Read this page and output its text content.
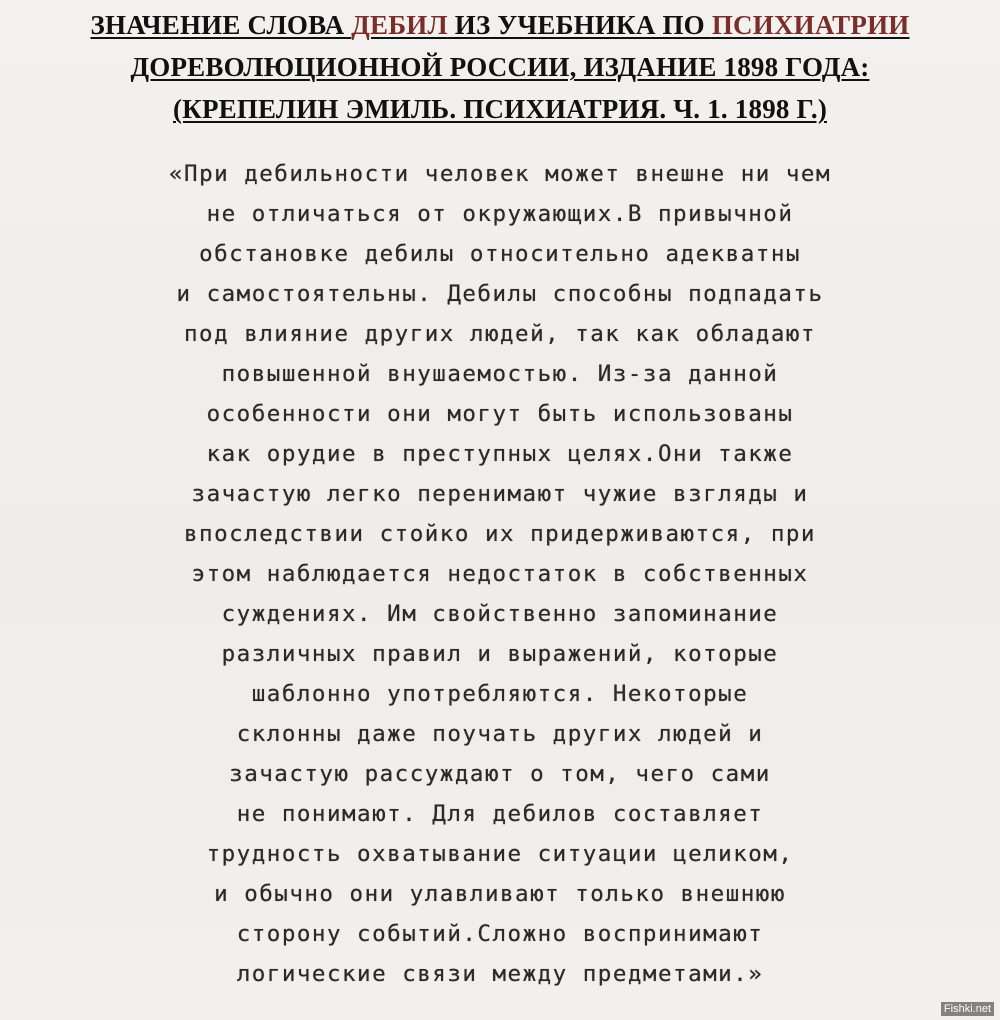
ЗНАЧЕНИЕ СЛОВА ДЕБИЛ ИЗ УЧЕБНИКА ПО ПСИХИАТРИИ
ДОРЕВОЛЮЦИОННОЙ РОССИИ, ИЗДАНИЕ 1898 ГОДА:
(КРЕПЕЛИН ЭМИЛЬ. ПСИХИАТРИЯ. Ч. 1. 1898 Г.)
«При дебильности человек может внешне ни чем
не отличаться от окружающих.В привычной
обстановке дебилы относительно адекватны
и самостоятельны. Дебилы способны подпадать
под влияние других людей, так как обладают
повышенной внушаемостью. Из-за данной
особенности они могут быть использованы
как орудие в преступных целях.Они также
зачастую легко перенимают чужие взгляды и
впоследствии стойко их придерживаются, при
этом наблюдается недостаток в собственных
суждениях. Им свойственно запоминание
различных правил и выражений, которые
шаблонно употребляются. Некоторые
склонны даже поучать других людей и
зачастую рассуждают о том, чего сами
не понимают. Для дебилов составляет
трудность охватывание ситуации целиком,
и обычно они улавливают только внешнюю
сторону событий.Сложно воспринимают
логические связи между предметами.»
Fishki.net
